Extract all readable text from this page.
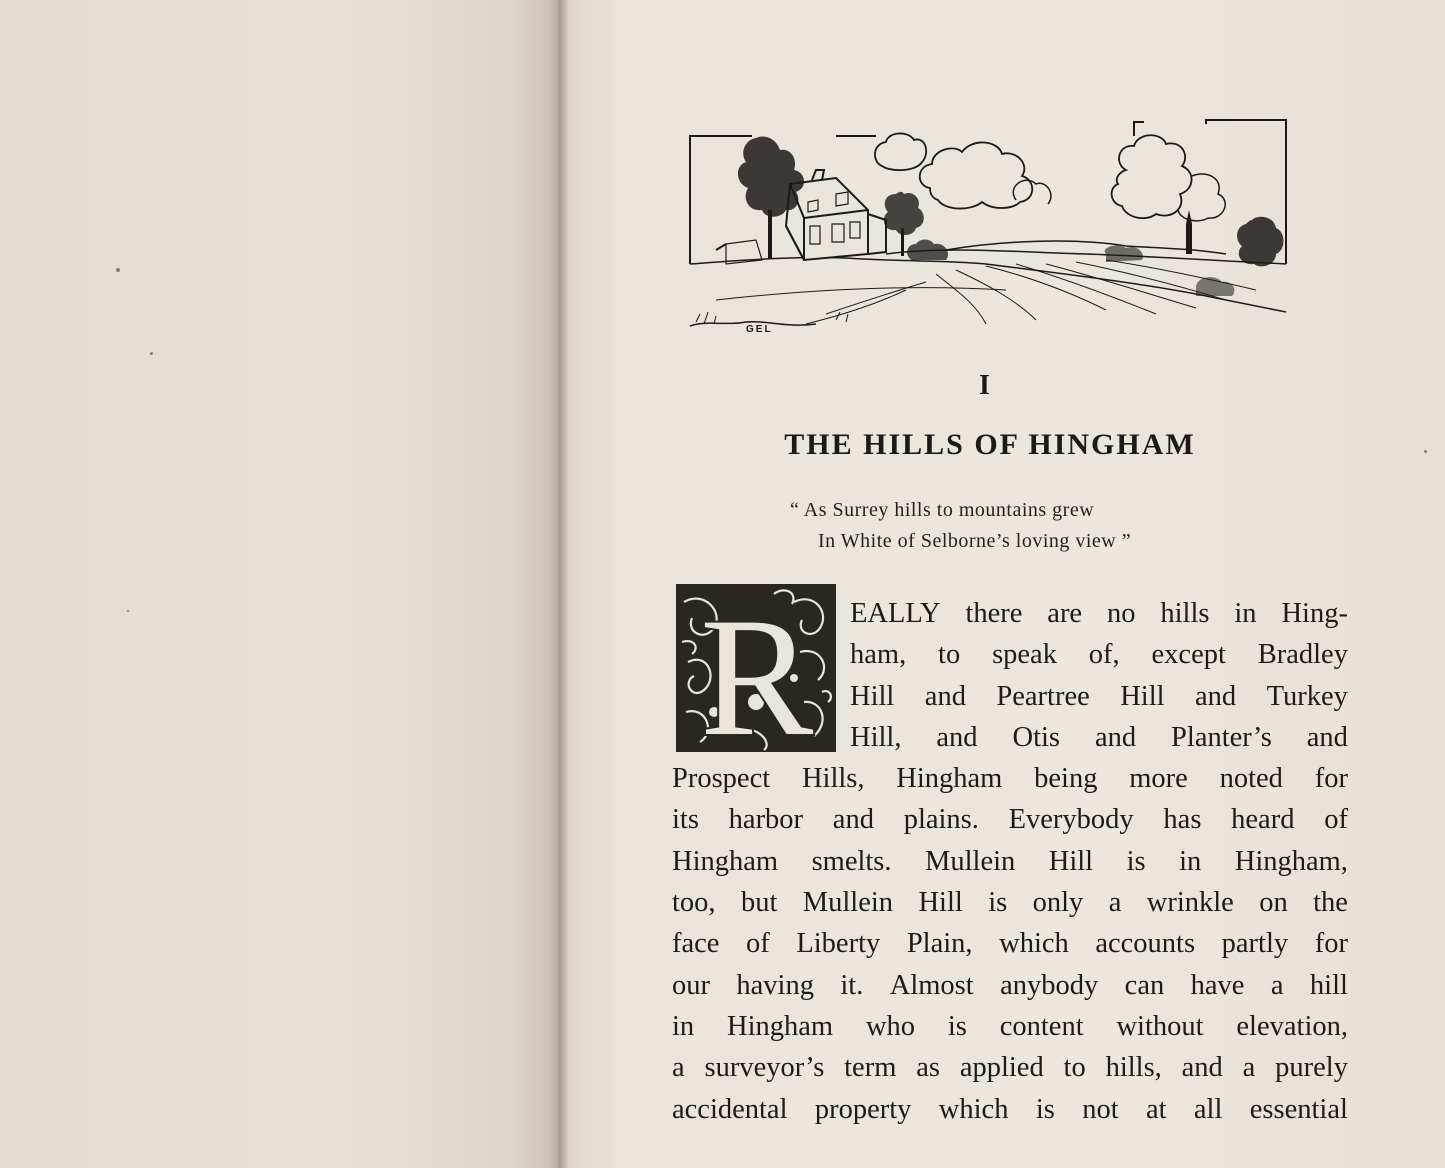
GEL
I
THE HILLS OF HINGHAM
“ As Surrey hills to mountains grew
In White of Selborne’s loving view ”
R EALLY there are no hills in Hing-
ham, to speak of, except Bradley
Hill and Peartree Hill and Turkey
Hill, and Otis and Planter’s and
Prospect Hills, Hingham being more noted for
its harbor and plains. Everybody has heard of
Hingham smelts. Mullein Hill is in Hingham,
too, but Mullein Hill is only a wrinkle on the
face of Liberty Plain, which accounts partly for
our having it. Almost anybody can have a hill
in Hingham who is content without elevation,
a surveyor’s term as applied to hills, and a purely
accidental property which is not at all essential
